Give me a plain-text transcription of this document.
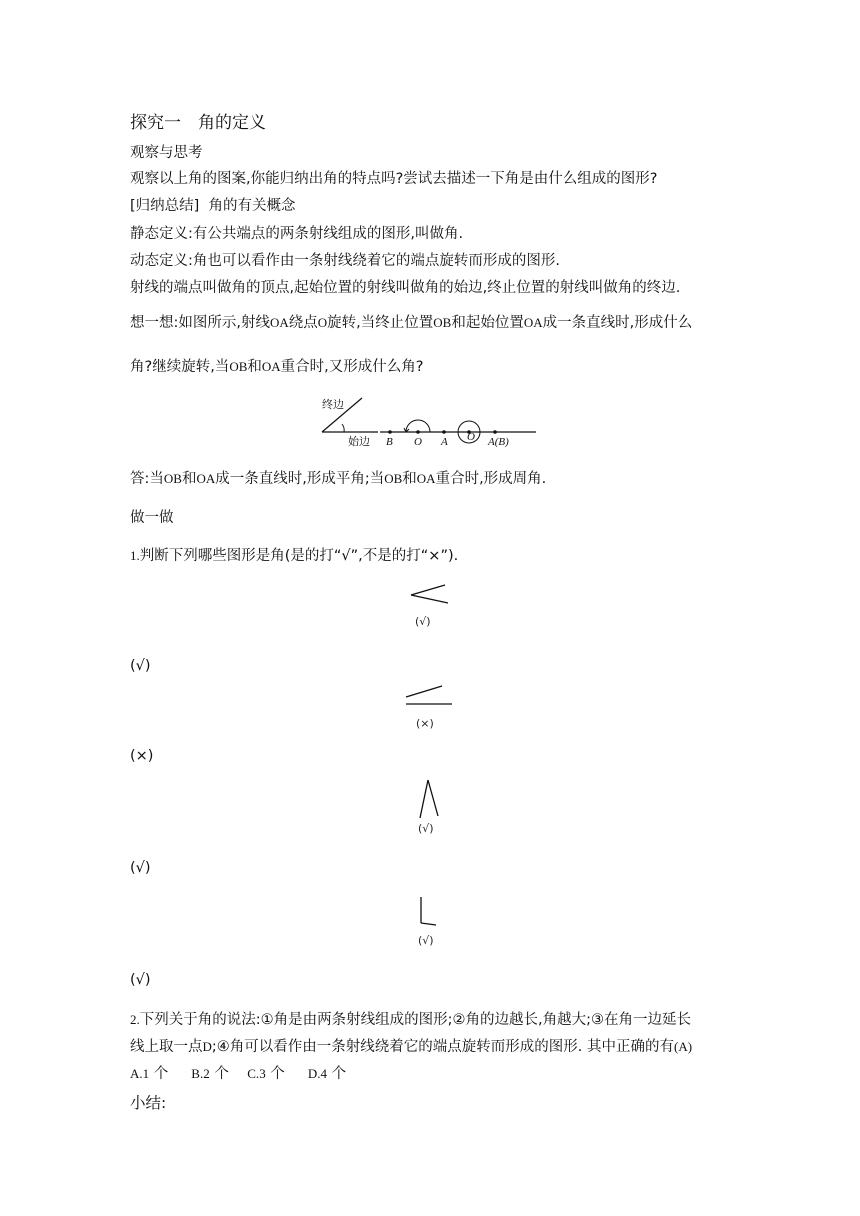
探究一　角的定义
观察与思考
观察以上角的图案,你能归纳出角的特点吗?尝试去描述一下角是由什么组成的图形?
[归纳总结] 角的有关概念
静态定义:有公共端点的两条射线组成的图形,叫做角.
动态定义:角也可以看作由一条射线绕着它的端点旋转而形成的图形.
射线的端点叫做角的顶点,起始位置的射线叫做角的始边,终止位置的射线叫做角的终边.
想一想:如图所示,射线OA绕点O旋转,当终止位置OB和起始位置OA成一条直线时,形成什么
角?继续旋转,当OB和OA重合时,又形成什么角?
终边
始边 B O A O A(B)
答:当OB和OA成一条直线时,形成平角;当OB和OA重合时,形成周角.
做一做
1.判断下列哪些图形是角(是的打“√”,不是的打“×”).
(√)
(√)
(×)
(×)
(√)
(√)
(√)
(√)
2.下列关于角的说法:①角是由两条射线组成的图形;②角的边越长,角越大;③在角一边延长
线上取一点D;④角可以看作由一条射线绕着它的端点旋转而形成的图形. 其中正确的有(A)
A.1 个 B.2 个 C.3 个 D.4 个
小结:
